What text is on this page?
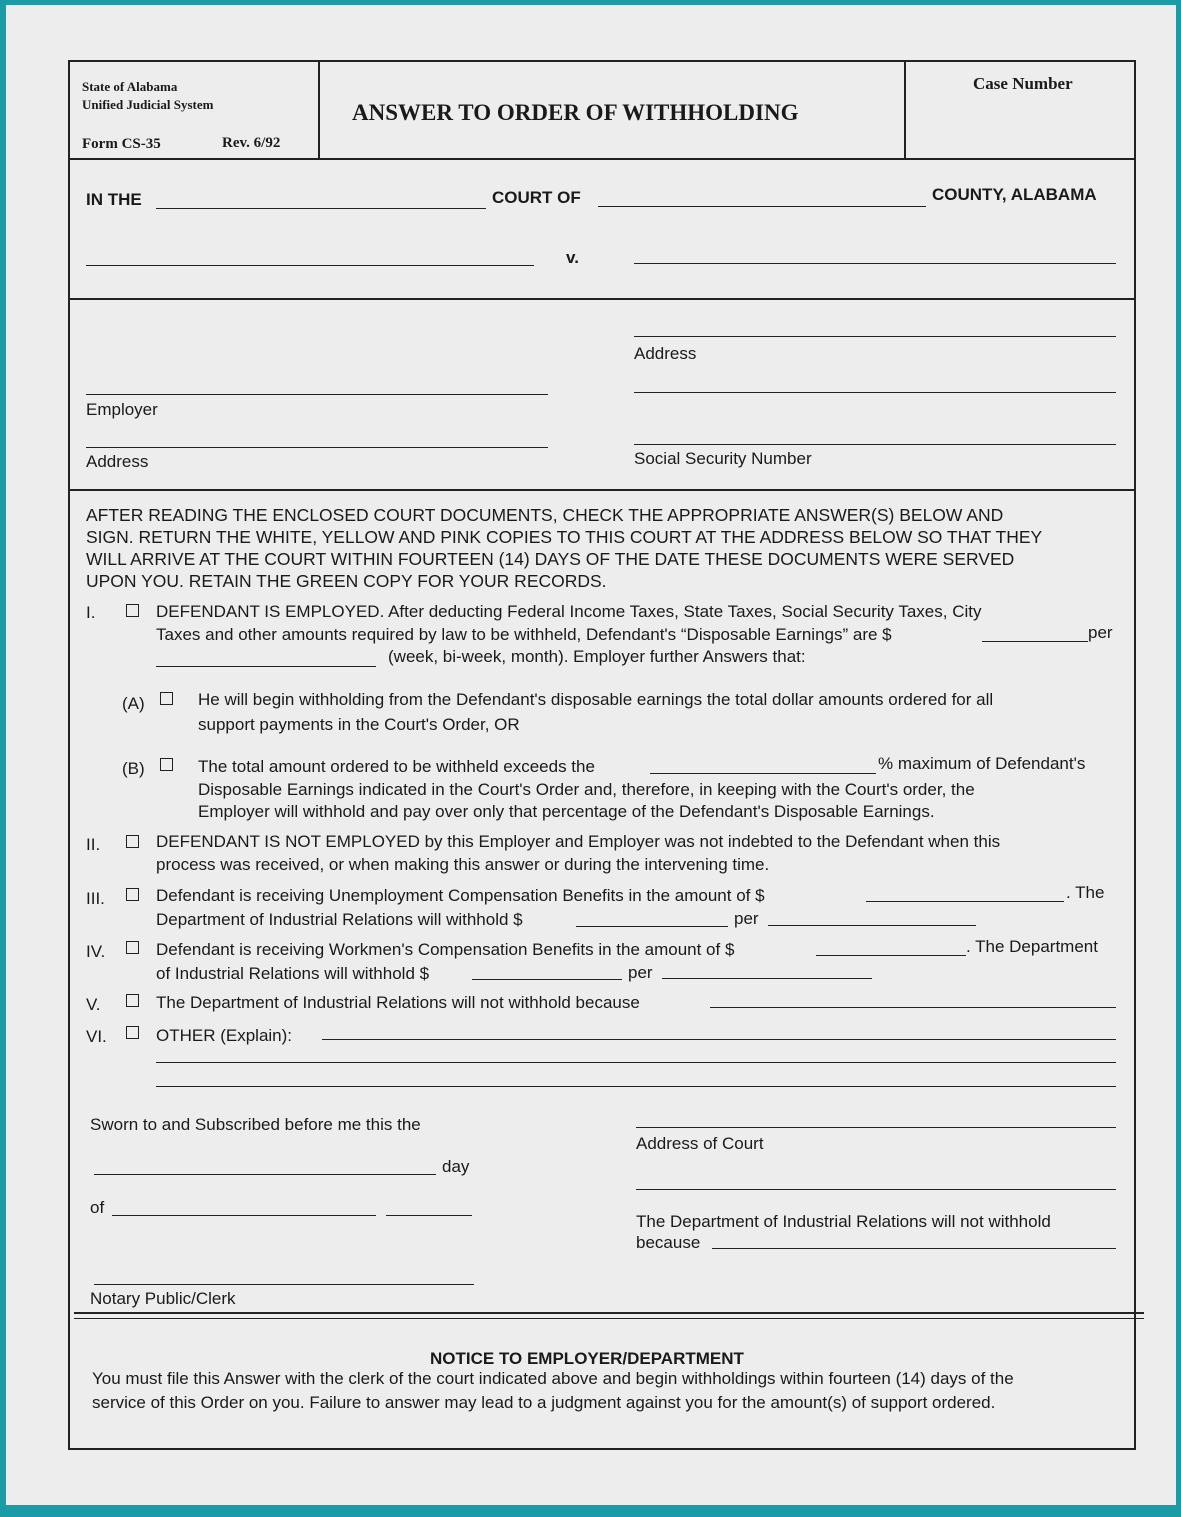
State of Alabama
Unified Judicial System
Form CS-35	Rev. 6/92
ANSWER TO ORDER OF WITHHOLDING
Case Number
IN THE	COURT OF	COUNTY, ALABAMA
v.
Address
Employer
Social Security Number
Address
AFTER READING THE ENCLOSED COURT DOCUMENTS, CHECK THE APPROPRIATE ANSWER(S) BELOW AND
SIGN. RETURN THE WHITE, YELLOW AND PINK COPIES TO THIS COURT AT THE ADDRESS BELOW SO THAT THEY
WILL ARRIVE AT THE COURT WITHIN FOURTEEN (14) DAYS OF THE DATE THESE DOCUMENTS WERE SERVED
UPON YOU. RETAIN THE GREEN COPY FOR YOUR RECORDS.
I.	DEFENDANT IS EMPLOYED. After deducting Federal Income Taxes, State Taxes, Social Security Taxes, City
Taxes and other amounts required by law to be withheld, Defendant's “Disposable Earnings” are $	per
(week, bi-week, month). Employer further Answers that:
(A)	He will begin withholding from the Defendant's disposable earnings the total dollar amounts ordered for all
support payments in the Court's Order, OR
(B)	The total amount ordered to be withheld exceeds the	% maximum of Defendant's
Disposable Earnings indicated in the Court's Order and, therefore, in keeping with the Court's order, the
Employer will withhold and pay over only that percentage of the Defendant's Disposable Earnings.
II.	DEFENDANT IS NOT EMPLOYED by this Employer and Employer was not indebted to the Defendant when this
process was received, or when making this answer or during the intervening time.
III.	Defendant is receiving Unemployment Compensation Benefits in the amount of $	. The
Department of Industrial Relations will withhold $	per
IV.	Defendant is receiving Workmen's Compensation Benefits in the amount of $	. The Department
of Industrial Relations will withhold $	per
V.	The Department of Industrial Relations will not withhold because
VI.	OTHER (Explain):
Sworn to and Subscribed before me this the
day
of
Notary Public/Clerk
Address of Court
The Department of Industrial Relations will not withhold
because
NOTICE TO EMPLOYER/DEPARTMENT
You must file this Answer with the clerk of the court indicated above and begin withholdings within fourteen (14) days of the
service of this Order on you. Failure to answer may lead to a judgment against you for the amount(s) of support ordered.
